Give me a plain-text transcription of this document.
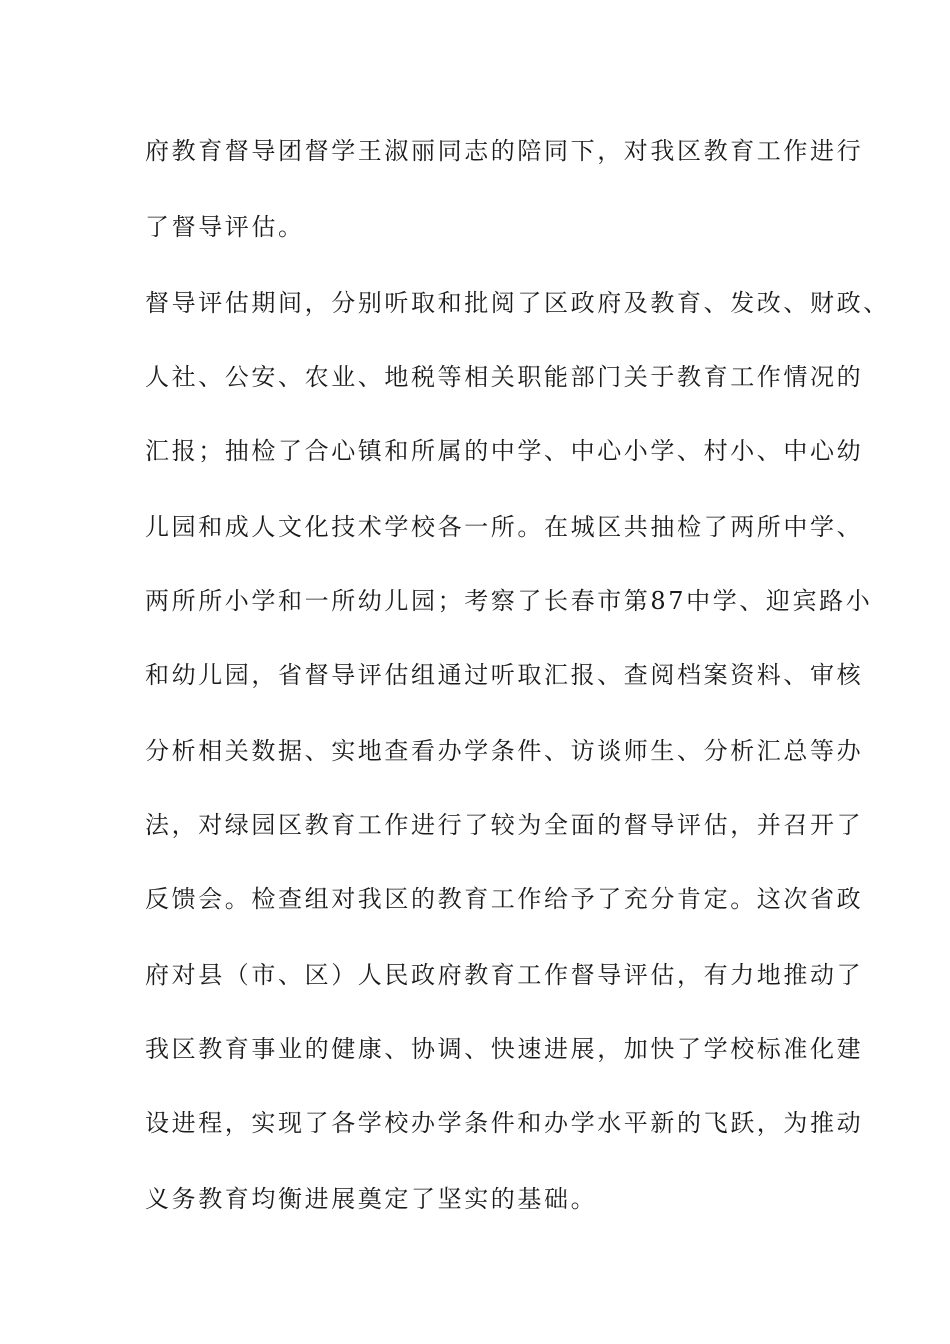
府教育督导团督学王淑丽同志的陪同下，对我区教育工作进行
了督导评估。
督导评估期间，分别听取和批阅了区政府及教育、发改、财政、
人社、公安、农业、地税等相关职能部门关于教育工作情况的
汇报；抽检了合心镇和所属的中学、中心小学、村小、中心幼
儿园和成人文化技术学校各一所。在城区共抽检了两所中学、
两所所小学和一所幼儿园；考察了长春市第87中学、迎宾路小
和幼儿园，省督导评估组通过听取汇报、查阅档案资料、审核
分析相关数据、实地查看办学条件、访谈师生、分析汇总等办
法，对绿园区教育工作进行了较为全面的督导评估，并召开了
反馈会。检查组对我区的教育工作给予了充分肯定。这次省政
府对县（市、区）人民政府教育工作督导评估，有力地推动了
我区教育事业的健康、协调、快速进展，加快了学校标准化建
设进程，实现了各学校办学条件和办学水平新的飞跃，为推动
义务教育均衡进展奠定了坚实的基础。
